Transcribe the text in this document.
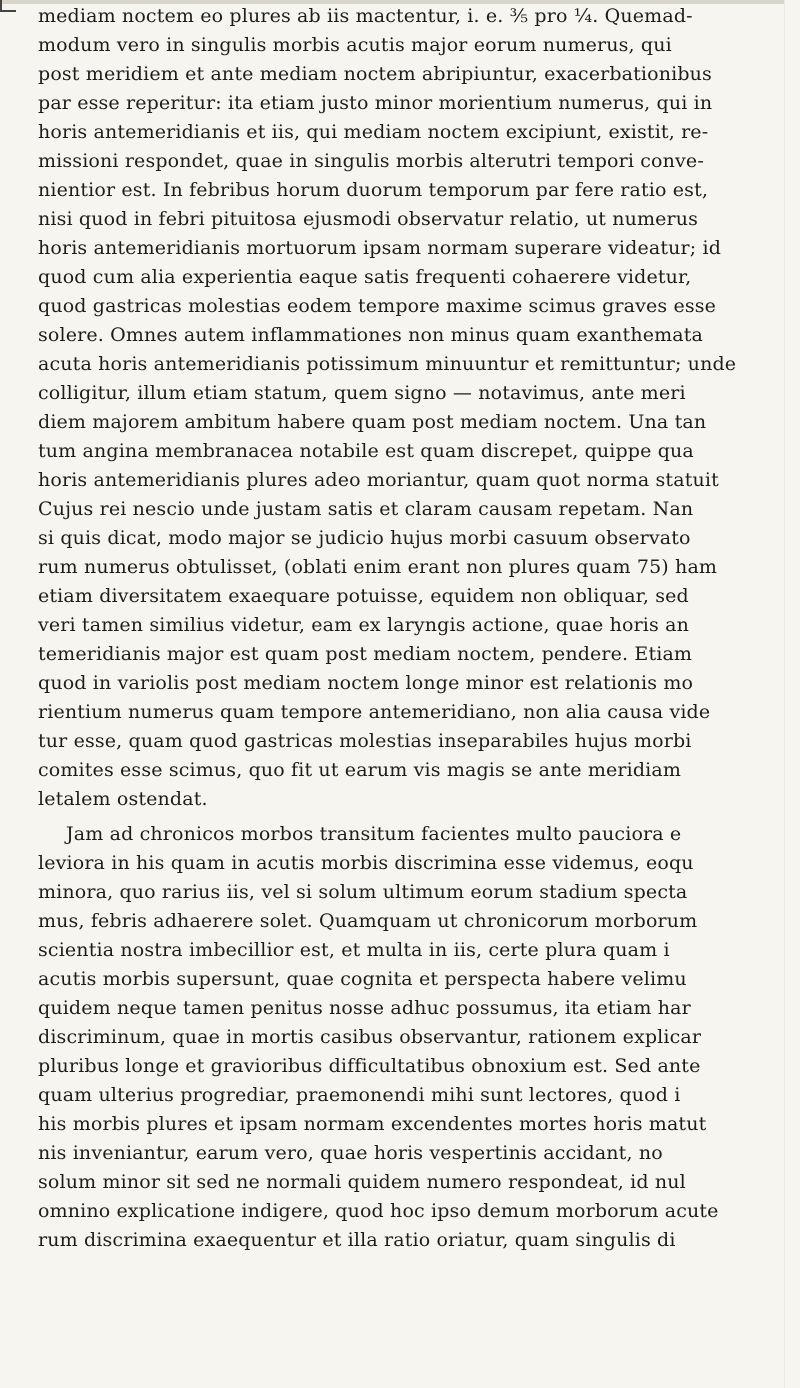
mediam noctem eo plures ab iis mactentur, i. e. ⅗ pro ¼. Quemad-
modum vero in singulis morbis acutis major eorum numerus, qui
post meridiem et ante mediam noctem abripiuntur, exacerbationibus
par esse reperitur: ita etiam justo minor morientium numerus, qui in
horis antemeridianis et iis, qui mediam noctem excipiunt, existit, re-
missioni respondet, quae in singulis morbis alterutri tempori conve-
nientior est. In febribus horum duorum temporum par fere ratio est,
nisi quod in febri pituitosa ejusmodi observatur relatio, ut numerus
horis antemeridianis mortuorum ipsam normam superare videatur; id
quod cum alia experientia eaque satis frequenti cohaerere videtur,
quod gastricas molestias eodem tempore maxime scimus graves esse
solere. Omnes autem inflammationes non minus quam exanthemata
acuta horis antemeridianis potissimum minuuntur et remittuntur; unde
colligitur, illum etiam statum, quem signo — notavimus, ante meri
diem majorem ambitum habere quam post mediam noctem. Una tan
tum angina membranacea notabile est quam discrepet, quippe qua
horis antemeridianis plures adeo moriantur, quam quot norma statuit
Cujus rei nescio unde justam satis et claram causam repetam. Nan
si quis dicat, modo major se judicio hujus morbi casuum observato
rum numerus obtulisset, (oblati enim erant non plures quam 75) ham
etiam diversitatem exaequare potuisse, equidem non obliquar, sed
veri tamen similius videtur, eam ex laryngis actione, quae horis an
temeridianis major est quam post mediam noctem, pendere. Etiam
quod in variolis post mediam noctem longe minor est relationis mo
rientium numerus quam tempore antemeridiano, non alia causa vide
tur esse, quam quod gastricas molestias inseparabiles hujus morbi
comites esse scimus, quo fit ut earum vis magis se ante meridiam
letalem ostendat.
Jam ad chronicos morbos transitum facientes multo pauciora e
leviora in his quam in acutis morbis discrimina esse videmus, eoqu
minora, quo rarius iis, vel si solum ultimum eorum stadium specta
mus, febris adhaerere solet. Quamquam ut chronicorum morborum
scientia nostra imbecillior est, et multa in iis, certe plura quam i
acutis morbis supersunt, quae cognita et perspecta habere velimu
quidem neque tamen penitus nosse adhuc possumus, ita etiam har
discriminum, quae in mortis casibus observantur, rationem explicar
pluribus longe et gravioribus difficultatibus obnoxium est. Sed ante
quam ulterius progrediar, praemonendi mihi sunt lectores, quod i
his morbis plures et ipsam normam excendentes mortes horis matut
nis inveniantur, earum vero, quae horis vespertinis accidant, no
solum minor sit sed ne normali quidem numero respondeat, id nul
omnino explicatione indigere, quod hoc ipso demum morborum acute
rum discrimina exaequentur et illa ratio oriatur, quam singulis di
